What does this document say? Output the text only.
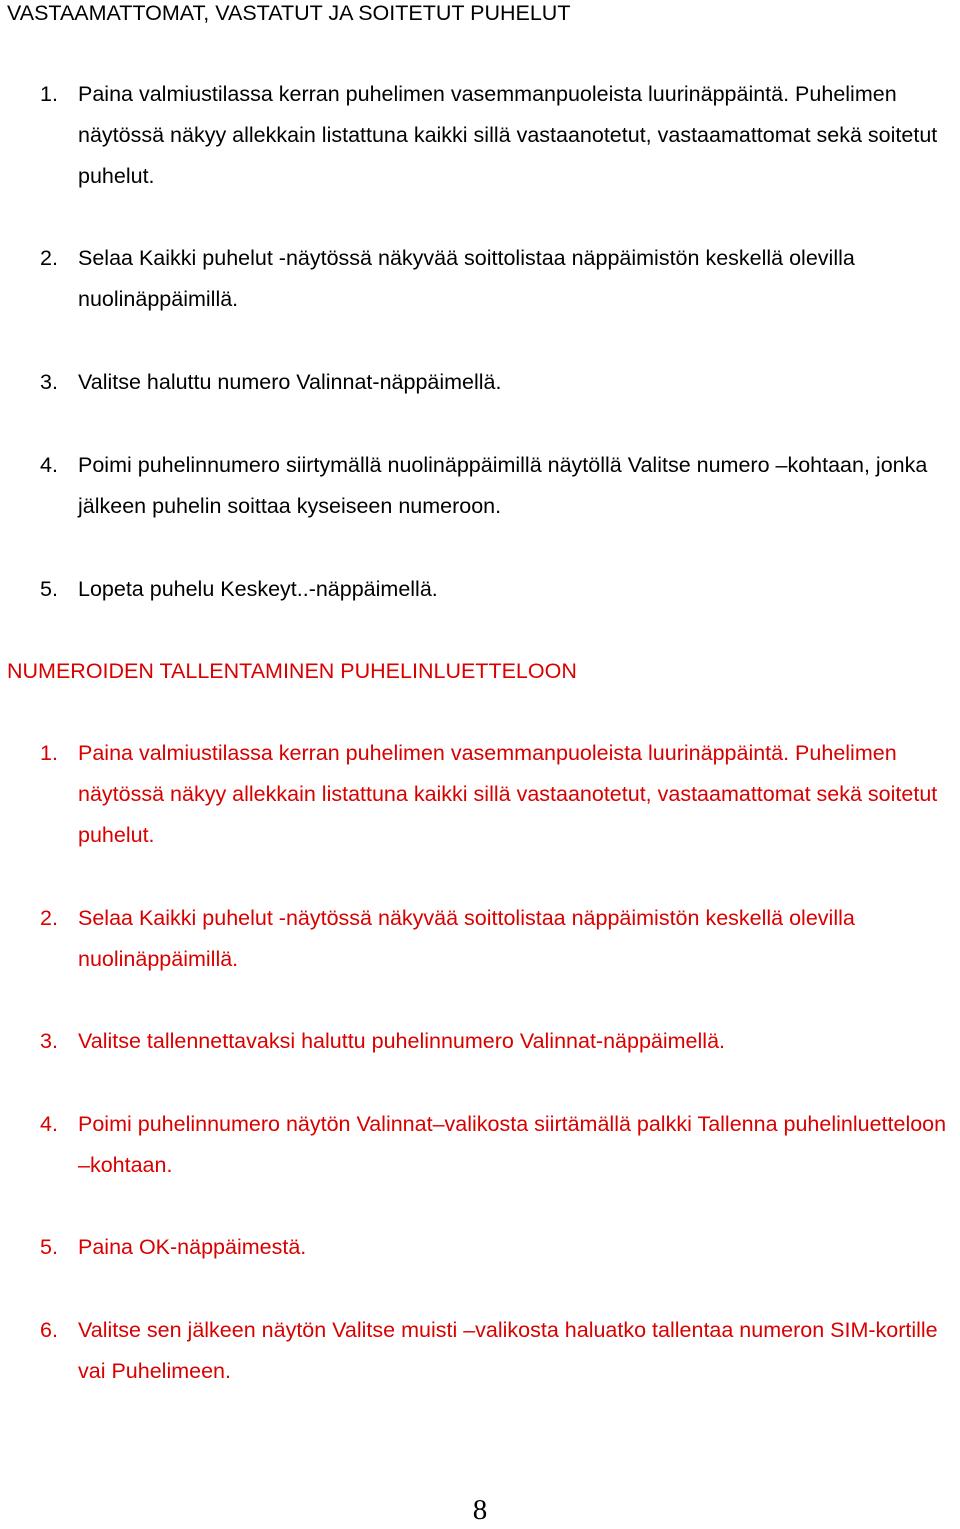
VASTAAMATTOMAT, VASTATUT JA SOITETUT PUHELUT
1. Paina valmiustilassa kerran puhelimen vasemmanpuoleista luurinäppäintä. Puhelimen näytössä näkyy allekkain listattuna kaikki sillä vastaanotetut, vastaamattomat sekä soitetut puhelut.
2. Selaa Kaikki puhelut -näytössä näkyvää soittolistaa näppäimistön keskellä olevilla nuolinäppäimillä.
3. Valitse haluttu numero Valinnat-näppäimellä.
4. Poimi puhelinnumero siirtymällä nuolinäppäimillä näytöllä Valitse numero –kohtaan, jonka jälkeen puhelin soittaa kyseiseen numeroon.
5. Lopeta puhelu Keskeyt..-näppäimellä.
NUMEROIDEN TALLENTAMINEN PUHELINLUETTELOON
1. Paina valmiustilassa kerran puhelimen vasemmanpuoleista luurinäppäintä. Puhelimen näytössä näkyy allekkain listattuna kaikki sillä vastaanotetut, vastaamattomat sekä soitetut puhelut.
2. Selaa Kaikki puhelut -näytössä näkyvää soittolistaa näppäimistön keskellä olevilla nuolinäppäimillä.
3. Valitse tallennettavaksi haluttu puhelinnumero Valinnat-näppäimellä.
4. Poimi puhelinnumero näytön Valinnat–valikosta siirtämällä palkki Tallenna puhelinluetteloon –kohtaan.
5. Paina OK-näppäimestä.
6. Valitse sen jälkeen näytön Valitse muisti –valikosta haluatko tallentaa numeron SIM-kortille vai Puhelimeen.
8
